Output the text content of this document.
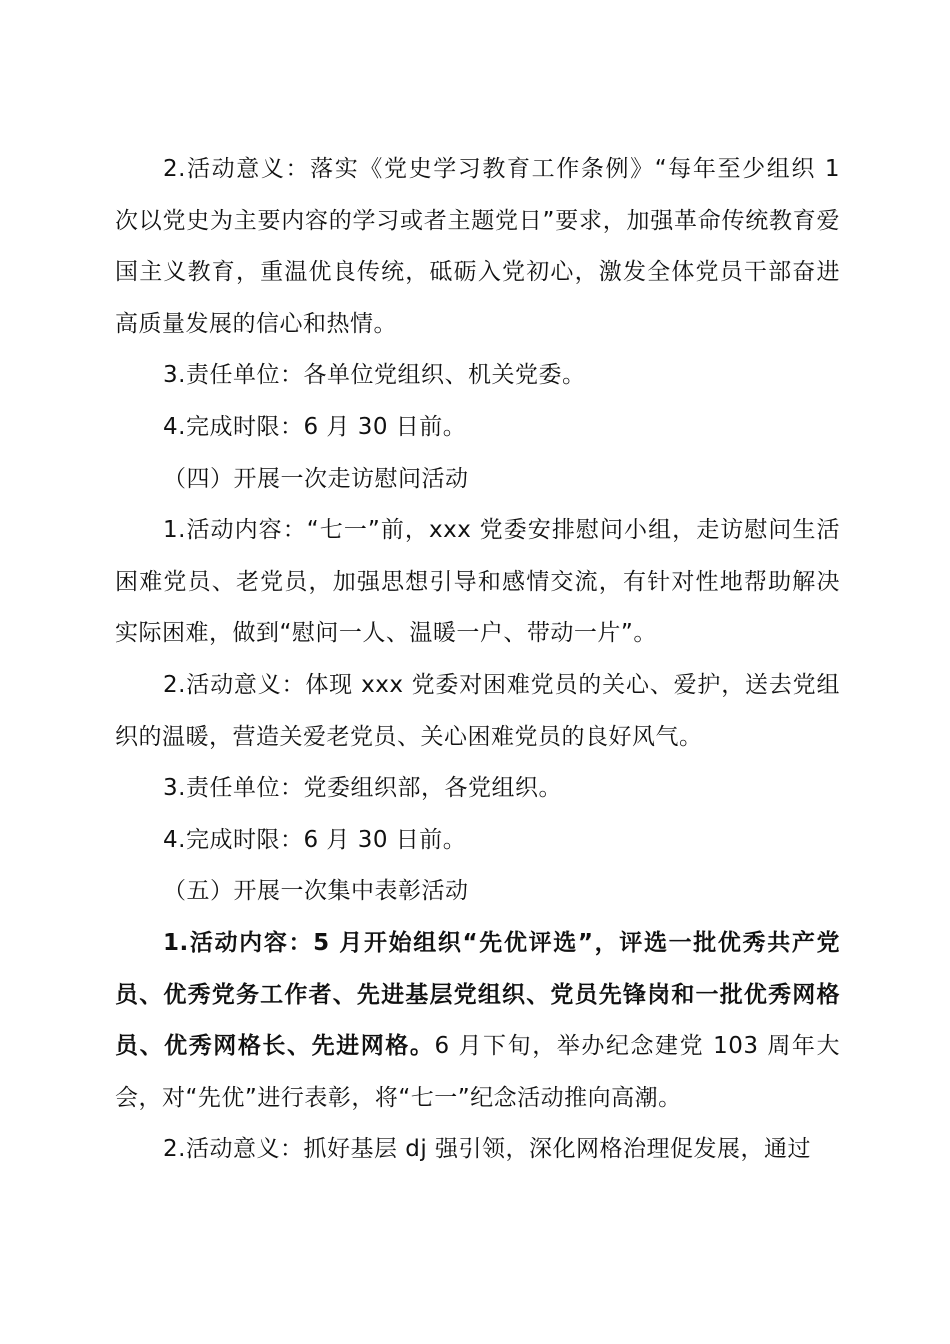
2.活动意义：落实《党史学习教育工作条例》“每年至少组织 1 次以党史为主要内容的学习或者主题党日”要求，加强革命传统教育爱国主义教育，重温优良传统，砥砺入党初心，激发全体党员干部奋进高质量发展的信心和热情。

3.责任单位：各单位党组织、机关党委。

4.完成时限：6 月 30 日前。

（四）开展一次走访慰问活动

1.活动内容：“七一”前，xxx 党委安排慰问小组，走访慰问生活困难党员、老党员，加强思想引导和感情交流，有针对性地帮助解决实际困难，做到“慰问一人、温暖一户、带动一片”。

2.活动意义：体现 xxx 党委对困难党员的关心、爱护，送去党组织的温暖，营造关爱老党员、关心困难党员的良好风气。

3.责任单位：党委组织部，各党组织。

4.完成时限：6 月 30 日前。

（五）开展一次集中表彰活动

1.活动内容：5 月开始组织“先优评选”，评选一批优秀共产党员、优秀党务工作者、先进基层党组织、党员先锋岗和一批优秀网格员、优秀网格长、先进网格。6 月下旬，举办纪念建党 103 周年大会，对“先优”进行表彰，将“七一”纪念活动推向高潮。

2.活动意义：抓好基层 dj 强引领，深化网格治理促发展，通过
